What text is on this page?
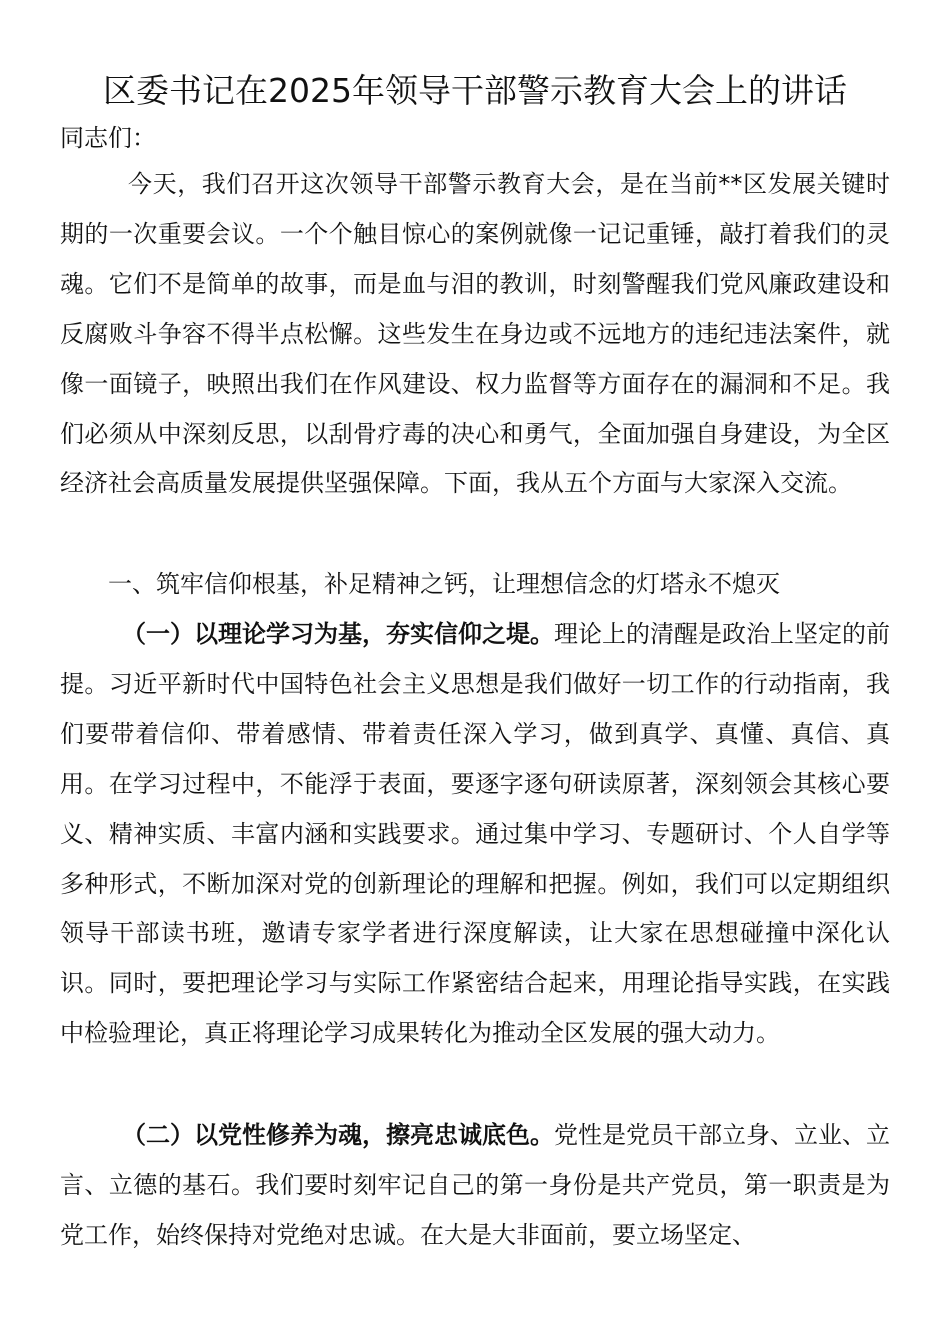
区委书记在2025年领导干部警示教育大会上的讲话
同志们：
今天，我们召开这次领导干部警示教育大会，是在当前**区发展关键时期的一次重要会议。一个个触目惊心的案例就像一记记重锤，敲打着我们的灵魂。它们不是简单的故事，而是血与泪的教训，时刻警醒我们党风廉政建设和反腐败斗争容不得半点松懈。这些发生在身边或不远地方的违纪违法案件，就像一面镜子，映照出我们在作风建设、权力监督等方面存在的漏洞和不足。我们必须从中深刻反思，以刮骨疗毒的决心和勇气，全面加强自身建设，为全区经济社会高质量发展提供坚强保障。下面，我从五个方面与大家深入交流。
一、筑牢信仰根基，补足精神之钙，让理想信念的灯塔永不熄灭
（一）以理论学习为基，夯实信仰之堤。理论上的清醒是政治上坚定的前提。习近平新时代中国特色社会主义思想是我们做好一切工作的行动指南，我们要带着信仰、带着感情、带着责任深入学习，做到真学、真懂、真信、真用。在学习过程中，不能浮于表面，要逐字逐句研读原著，深刻领会其核心要义、精神实质、丰富内涵和实践要求。通过集中学习、专题研讨、个人自学等多种形式，不断加深对党的创新理论的理解和把握。例如，我们可以定期组织领导干部读书班，邀请专家学者进行深度解读，让大家在思想碰撞中深化认识。同时，要把理论学习与实际工作紧密结合起来，用理论指导实践，在实践中检验理论，真正将理论学习成果转化为推动全区发展的强大动力。
（二）以党性修养为魂，擦亮忠诚底色。党性是党员干部立身、立业、立言、立德的基石。我们要时刻牢记自己的第一身份是共产党员，第一职责是为党工作，始终保持对党绝对忠诚。在大是大非面前，要立场坚定、
